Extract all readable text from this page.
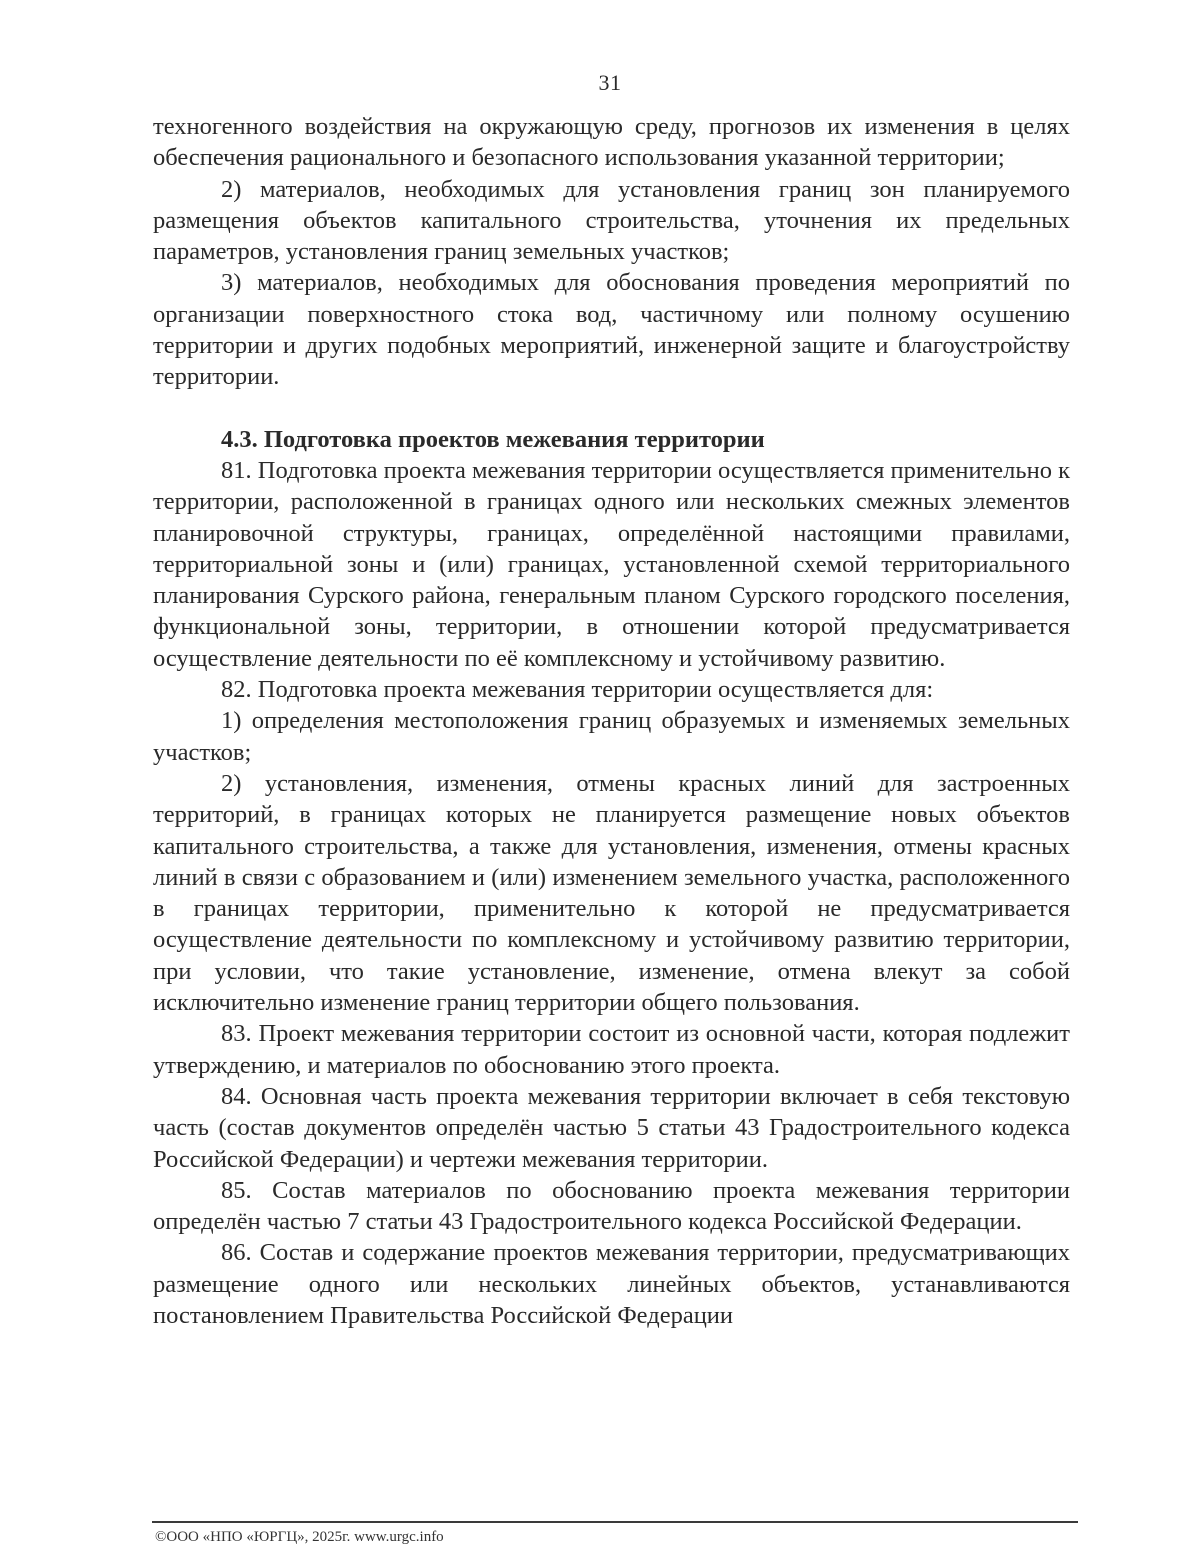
31

техногенного воздействия на окружающую среду, прогнозов их изменения в целях обеспечения рационального и безопасного использования указанной территории;

2) материалов, необходимых для установления границ зон планируемого размещения объектов капитального строительства, уточнения их предельных параметров, установления границ земельных участков;

3) материалов, необходимых для обоснования проведения мероприятий по организации поверхностного стока вод, частичному или полному осушению территории и других подобных мероприятий, инженерной защите и благоустройству территории.

4.3. Подготовка проектов межевания территории

81. Подготовка проекта межевания территории осуществляется применительно к территории, расположенной в границах одного или нескольких смежных элементов планировочной структуры, границах, определённой настоящими правилами, территориальной зоны и (или) границах, установленной схемой территориального планирования Сурского района, генеральным планом Сурского городского поселения, функциональной зоны, территории, в отношении которой предусматривается осуществление деятельности по её комплексному и устойчивому развитию.

82. Подготовка проекта межевания территории осуществляется для:

1) определения местоположения границ образуемых и изменяемых земельных участков;

2) установления, изменения, отмены красных линий для застроенных территорий, в границах которых не планируется размещение новых объектов капитального строительства, а также для установления, изменения, отмены красных линий в связи с образованием и (или) изменением земельного участка, расположенного в границах территории, применительно к которой не предусматривается осуществление деятельности по комплексному и устойчивому развитию территории, при условии, что такие установление, изменение, отмена влекут за собой исключительно изменение границ территории общего пользования.

83. Проект межевания территории состоит из основной части, которая подлежит утверждению, и материалов по обоснованию этого проекта.

84. Основная часть проекта межевания территории включает в себя текстовую часть (состав документов определён частью 5 статьи 43 Градостроительного кодекса Российской Федерации) и чертежи межевания территории.

85. Состав материалов по обоснованию проекта межевания территории определён частью 7 статьи 43 Градостроительного кодекса Российской Федерации.

86. Состав и содержание проектов межевания территории, предусматривающих размещение одного или нескольких линейных объектов, устанавливаются постановлением Правительства Российской Федерации

©ООО «НПО «ЮРГЦ», 2025г. www.urgc.info
